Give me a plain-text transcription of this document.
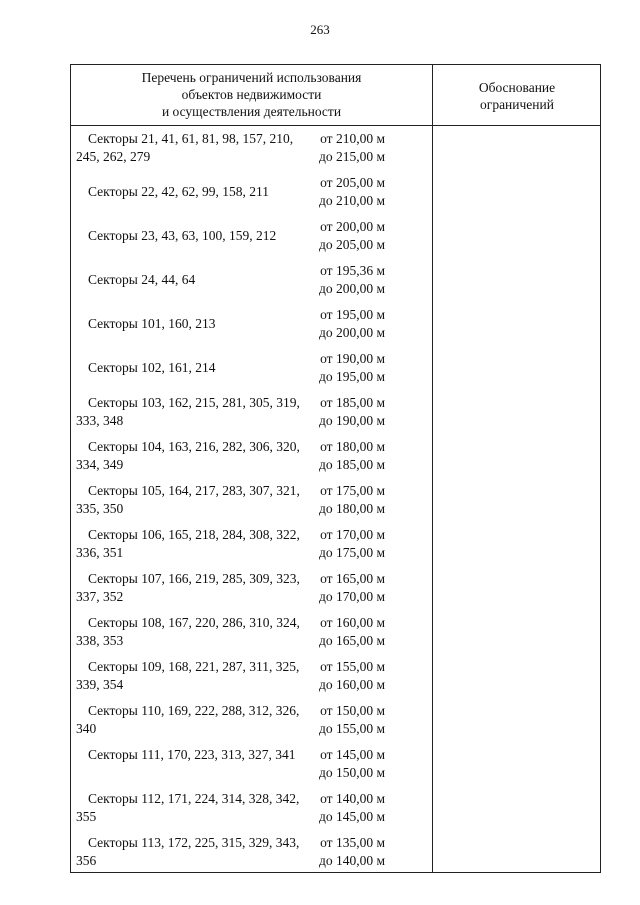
263
Перечень ограничений использования
объектов недвижимости
и осуществления деятельности
Обоснование
ограничений
Секторы 21, 41, 61, 81, 98, 157, 210, 245, 262, 279
от 210,00 м
до 215,00 м
Секторы 22, 42, 62, 99, 158, 211
от 205,00 м
до 210,00 м
Секторы 23, 43, 63, 100, 159, 212
от 200,00 м
до 205,00 м
Секторы 24, 44, 64
от 195,36 м
до 200,00 м
Секторы 101, 160, 213
от 195,00 м
до 200,00 м
Секторы 102, 161, 214
от 190,00 м
до 195,00 м
Секторы 103, 162, 215, 281, 305, 319, 333, 348
от 185,00 м
до 190,00 м
Секторы 104, 163, 216, 282, 306, 320, 334, 349
от 180,00 м
до 185,00 м
Секторы 105, 164, 217, 283, 307, 321, 335, 350
от 175,00 м
до 180,00 м
Секторы 106, 165, 218, 284, 308, 322, 336, 351
от 170,00 м
до 175,00 м
Секторы 107, 166, 219, 285, 309, 323, 337, 352
от 165,00 м
до 170,00 м
Секторы 108, 167, 220, 286, 310, 324, 338, 353
от 160,00 м
до 165,00 м
Секторы 109, 168, 221, 287, 311, 325, 339, 354
от 155,00 м
до 160,00 м
Секторы 110, 169, 222, 288, 312, 326, 340
от 150,00 м
до 155,00 м
Секторы 111, 170, 223, 313, 327, 341	от 145,00 м
до 150,00 м
Секторы 112, 171, 224, 314, 328, 342, 355
от 140,00 м
до 145,00 м
Секторы 113, 172, 225, 315, 329, 343, 356
от 135,00 м
до 140,00 м
